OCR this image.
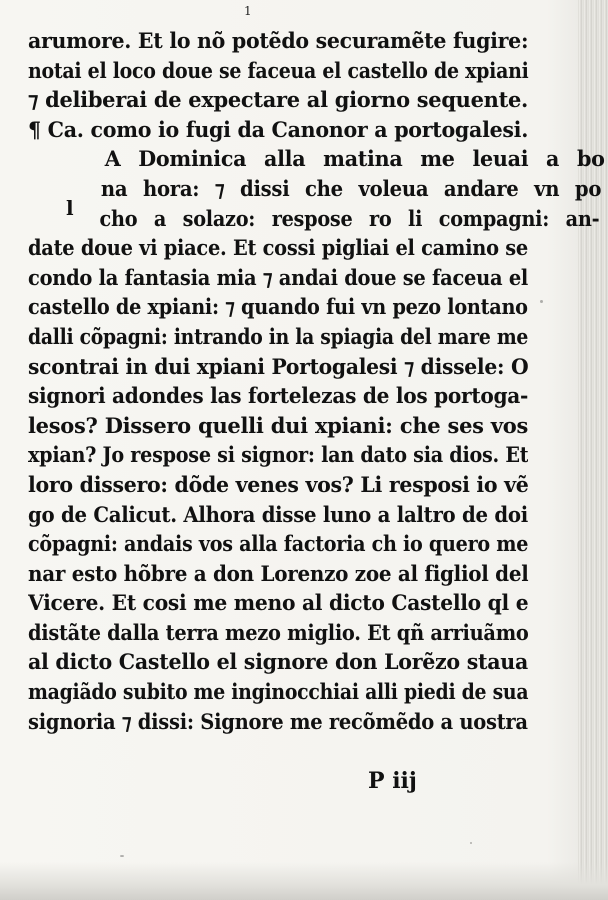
1
l
arumore. Et lo nõ potẽdo securamẽte fugire:
notai el loco doue se faceua el castello de xpiani
⁊ deliberai de expectare al giorno sequente.
¶ Ca. como io fugi da Canonor a portogalesi.
A Dominica alla matina me leuai a bo
na hora: ⁊ dissi che voleua andare vn po
cho a solazo: respose ro li compagni: an-
date doue vi piace. Et cossi pigliai el camino se
condo la fantasia mia ⁊ andai doue se faceua el
castello de xpiani: ⁊ quando fui vn pezo lontano
dalli cõpagni: intrando in la spiagia del mare me
scontrai in dui xpiani Portogalesi ⁊ dissele: O
signori adondes las fortelezas de los portoga-
lesos? Dissero quelli dui xpiani: che ses vos
xpian? Jo respose si signor: lan dato sia dios. Et
loro dissero: dõde venes vos? Li resposi io vẽ
go de Calicut. Alhora disse luno a laltro de doi
cõpagni: andais vos alla factoria ch io quero me
nar esto hõbre a don Lorenzo zoe al figliol del
Vicere. Et cosi me meno al dicto Castello ql e
distãte dalla terra mezo miglio. Et qñ arriuãmo
al dicto Castello el signore don Lorẽzo staua
magiãdo subito me inginocchiai alli piedi de sua
signoria ⁊ dissi: Signore me recõmẽdo a uostra
P iij
